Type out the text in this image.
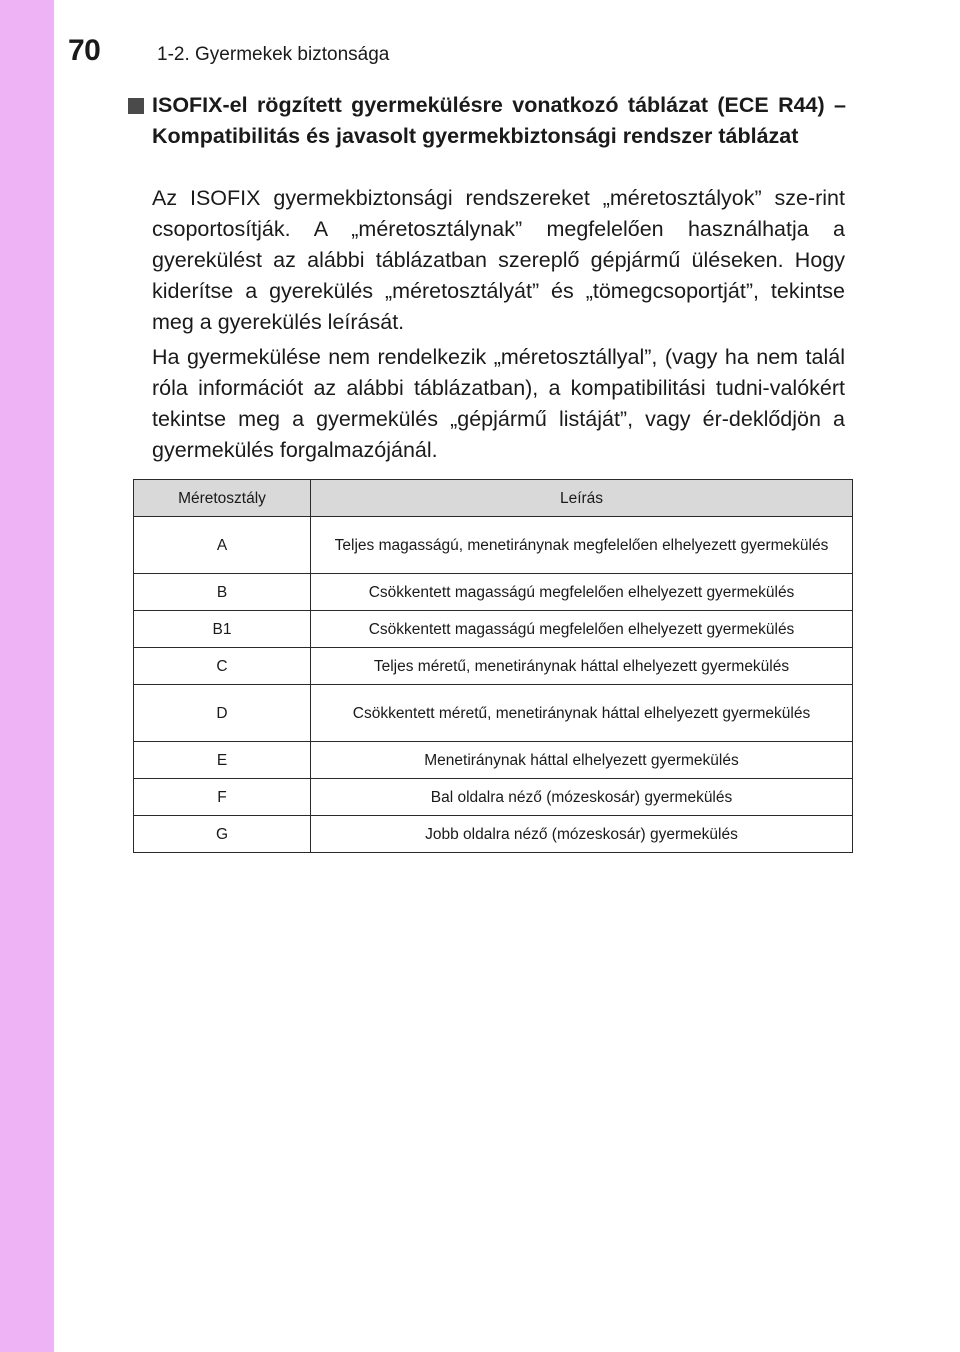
70	1-2. Gyermekek biztonsága
ISOFIX-el rögzített gyermekülésre vonatkozó táblázat (ECE R44) – Kompatibilitás és javasolt gyermekbiztonsági rendszer táblázat
Az ISOFIX gyermekbiztonsági rendszereket „méretosztályok” sze-rint csoportosítják. A „méretosztálynak” megfelelően használhatja a gyerekülést az alábbi táblázatban szereplő gépjármű üléseken. Hogy kiderítse a gyerekülés „méretosztályát” és „tömegcsoportját”, tekintse meg a gyerekülés leírását.
Ha gyermekülése nem rendelkezik „méretosztállyal”, (vagy ha nem talál róla információt az alábbi táblázatban), a kompatibilitási tudni-valókért tekintse meg a gyermekülés „gépjármű listáját”, vagy ér-deklődjön a gyermekülés forgalmazójánál.
Méretosztály	Leírás
A	Teljes magasságú, menetiránynak megfelelően elhelyezett gyermekülés
B	Csökkentett magasságú megfelelően elhelyezett gyermekülés
B1	Csökkentett magasságú megfelelően elhelyezett gyermekülés
C	Teljes méretű, menetiránynak háttal elhelyezett gyermekülés
D	Csökkentett méretű, menetiránynak háttal elhelyezett gyermekülés
E	Menetiránynak háttal elhelyezett gyermekülés
F	Bal oldalra néző (mózeskosár) gyermekülés
G	Jobb oldalra néző (mózeskosár) gyermekülés
